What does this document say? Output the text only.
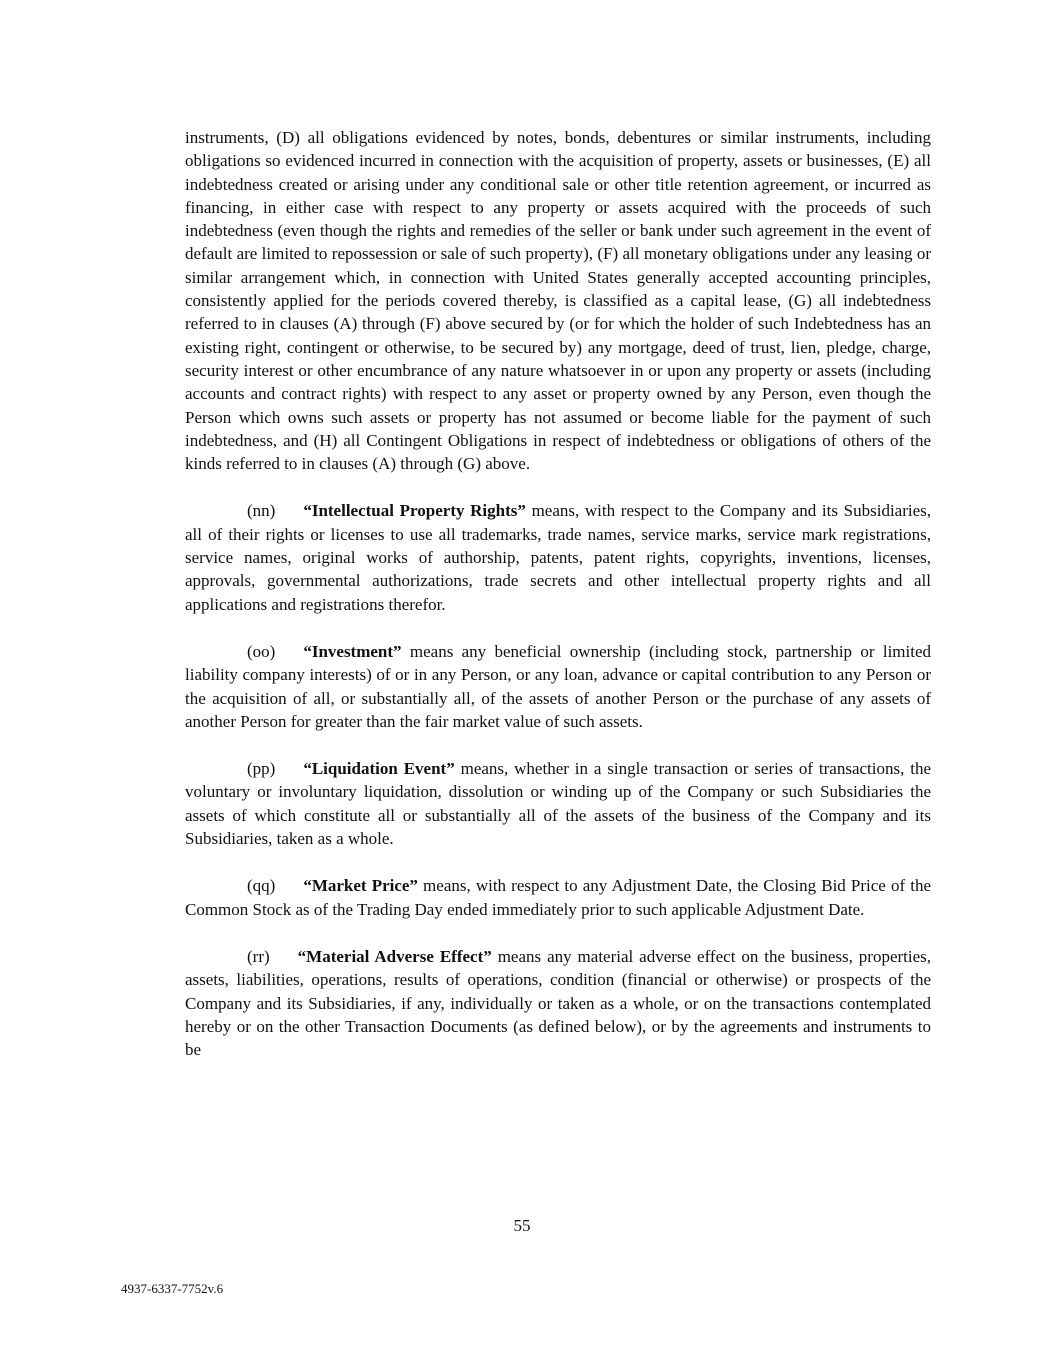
instruments, (D) all obligations evidenced by notes, bonds, debentures or similar instruments, including obligations so evidenced incurred in connection with the acquisition of property, assets or businesses, (E) all indebtedness created or arising under any conditional sale or other title retention agreement, or incurred as financing, in either case with respect to any property or assets acquired with the proceeds of such indebtedness (even though the rights and remedies of the seller or bank under such agreement in the event of default are limited to repossession or sale of such property), (F) all monetary obligations under any leasing or similar arrangement which, in connection with United States generally accepted accounting principles, consistently applied for the periods covered thereby, is classified as a capital lease, (G) all indebtedness referred to in clauses (A) through (F) above secured by (or for which the holder of such Indebtedness has an existing right, contingent or otherwise, to be secured by) any mortgage, deed of trust, lien, pledge, charge, security interest or other encumbrance of any nature whatsoever in or upon any property or assets (including accounts and contract rights) with respect to any asset or property owned by any Person, even though the Person which owns such assets or property has not assumed or become liable for the payment of such indebtedness, and (H) all Contingent Obligations in respect of indebtedness or obligations of others of the kinds referred to in clauses (A) through (G) above.

(nn) “Intellectual Property Rights” means, with respect to the Company and its Subsidiaries, all of their rights or licenses to use all trademarks, trade names, service marks, service mark registrations, service names, original works of authorship, patents, patent rights, copyrights, inventions, licenses, approvals, governmental authorizations, trade secrets and other intellectual property rights and all applications and registrations therefor.

(oo) “Investment” means any beneficial ownership (including stock, partnership or limited liability company interests) of or in any Person, or any loan, advance or capital contribution to any Person or the acquisition of all, or substantially all, of the assets of another Person or the purchase of any assets of another Person for greater than the fair market value of such assets.

(pp) “Liquidation Event” means, whether in a single transaction or series of transactions, the voluntary or involuntary liquidation, dissolution or winding up of the Company or such Subsidiaries the assets of which constitute all or substantially all of the assets of the business of the Company and its Subsidiaries, taken as a whole.

(qq) “Market Price” means, with respect to any Adjustment Date, the Closing Bid Price of the Common Stock as of the Trading Day ended immediately prior to such applicable Adjustment Date.

(rr) “Material Adverse Effect” means any material adverse effect on the business, properties, assets, liabilities, operations, results of operations, condition (financial or otherwise) or prospects of the Company and its Subsidiaries, if any, individually or taken as a whole, or on the transactions contemplated hereby or on the other Transaction Documents (as defined below), or by the agreements and instruments to be

55
4937-6337-7752v.6
